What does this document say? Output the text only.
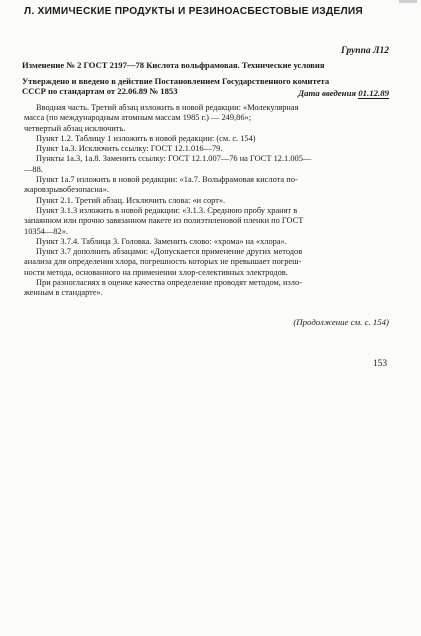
Л. ХИМИЧЕСКИЕ ПРОДУКТЫ И РЕЗИНОАСБЕСТОВЫЕ ИЗДЕЛИЯ
Группа Л12
Изменение № 2 ГОСТ 2197—78 Кислота вольфрамовая. Технические условия
Утверждено и введено в действие Постановлением Государственного комитета
СССР по стандартам от 22.06.89 № 1853	Дата введения 01.12.89
Вводная часть. Третий абзац изложить в новой редакции: «Молекулярная
масса (по международным атомным массам 1985 г.) — 249,86»;
четвертый абзац исключить.
Пункт 1.2. Таблицу 1 изложить в новой редакции: (см. с. 154)
Пункт 1а.3. Исключить ссылку: ГОСТ 12.1.016—79.
Пункты 1а.3, 1а.8. Заменить ссылку: ГОСТ 12.1.007—76 на ГОСТ 12.1.005—
—88.
Пункт 1а.7 изложить в новой редакции: «1а.7. Вольфрамовая кислота по-
жаровзрывобезопасна».
Пункт 2.1. Третий абзац. Исключить слова: «и сорт».
Пункт 3.1.3 изложить в новой редакции: «3.1.3. Среднюю пробу хранят в
запаянном или прочно завязанном пакете из полиэтиленовой пленки по ГОСТ
10354—82».
Пункт 3.7.4. Таблица 3. Головка. Заменить слово: «хрома» на «хлора».
Пункт 3.7 дополнить абзацами: «Допускается применение других методов
анализа для определения хлора, погрешность которых не превышает погреш-
ности метода, основанного на применении хлор-селективных электродов.
При разногласиях в оценке качества определение проводят методом, изло-
женным в стандарте».
(Продолжение см. с. 154)
153
